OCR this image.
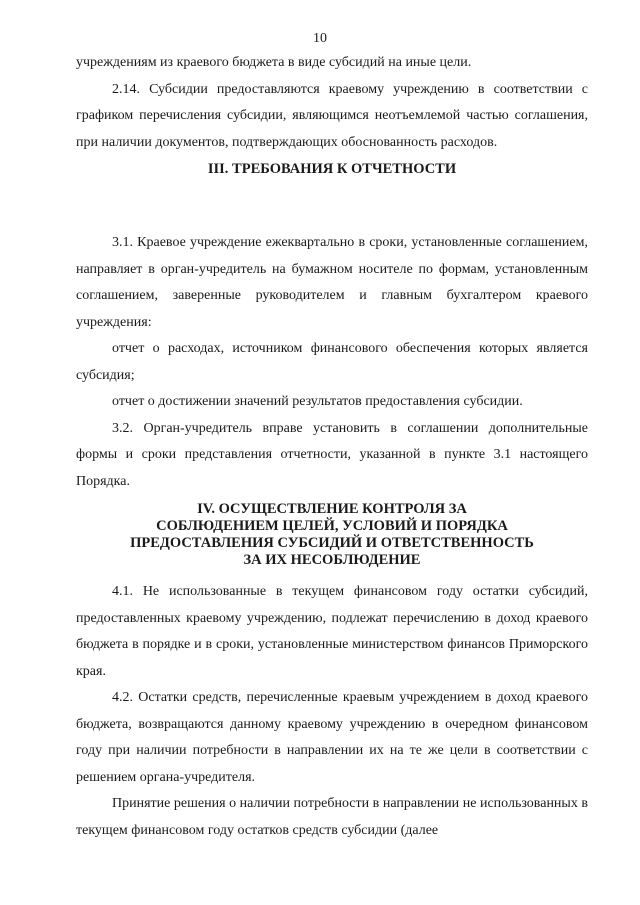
10

учреждениям из краевого бюджета в виде субсидий на иные цели.

2.14. Субсидии предоставляются краевому учреждению в соответствии с графиком перечисления субсидии, являющимся неотъемлемой частью соглашения, при наличии документов, подтверждающих обоснованность расходов.

III. ТРЕБОВАНИЯ К ОТЧЕТНОСТИ

3.1. Краевое учреждение ежеквартально в сроки, установленные соглашением, направляет в орган-учредитель на бумажном носителе по формам, установленным соглашением, заверенные руководителем и главным бухгалтером краевого учреждения:

отчет о расходах, источником финансового обеспечения которых является субсидия;

отчет о достижении значений результатов предоставления субсидии.

3.2. Орган-учредитель вправе установить в соглашении дополнительные формы и сроки представления отчетности, указанной в пункте 3.1 настоящего Порядка.

IV. ОСУЩЕСТВЛЕНИЕ КОНТРОЛЯ ЗА
СОБЛЮДЕНИЕМ ЦЕЛЕЙ, УСЛОВИЙ И ПОРЯДКА
ПРЕДОСТАВЛЕНИЯ СУБСИДИЙ И ОТВЕТСТВЕННОСТЬ
ЗА ИХ НЕСОБЛЮДЕНИЕ

4.1. Не использованные в текущем финансовом году остатки субсидий, предоставленных краевому учреждению, подлежат перечислению в доход краевого бюджета в порядке и в сроки, установленные министерством финансов Приморского края.

4.2. Остатки средств, перечисленные краевым учреждением в доход краевого бюджета, возвращаются данному краевому учреждению в очередном финансовом году при наличии потребности в направлении их на те же цели в соответствии с решением органа-учредителя.

Принятие решения о наличии потребности в направлении не использованных в текущем финансовом году остатков средств субсидии (далее
